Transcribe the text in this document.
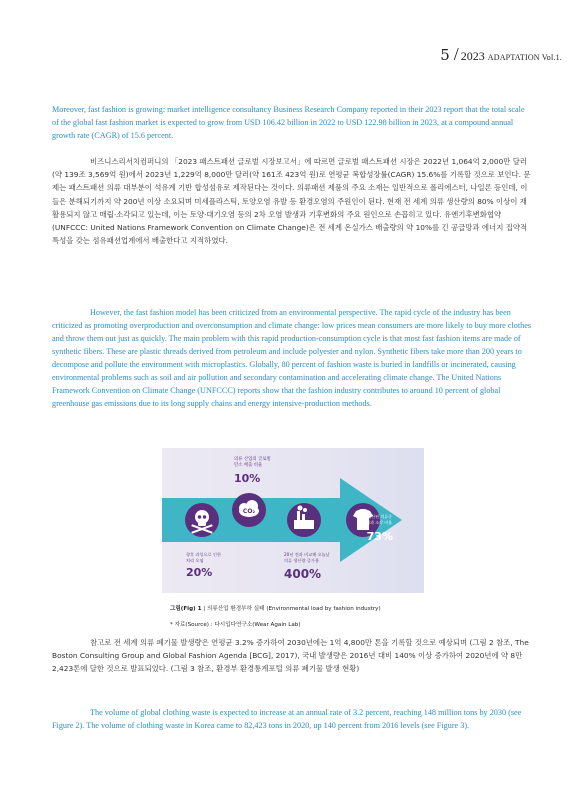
5 / 2023 ADAPTATION Vol.1.

Moreover, fast fashion is growing: market intelligence consultancy Business Research Company reported in their 2023 report that the total scale of the global fast fashion market is expected to grow from USD 106.42 billion in 2022 to USD 122.98 billion in 2023, at a compound annual growth rate (CAGR) of 15.6 percent.

비즈니스리서치컴퍼니의 「2023 패스트패션 글로벌 시장보고서」에 따르면 글로벌 패스트패션 시장은 2022년 1,064억 2,000만 달러(약 139조 3,569억 원)에서 2023년 1,229억 8,000만 달러(약 161조 423억 원)로 연평균 복합성장률(CAGR) 15.6%를 기록할 것으로 보인다. 문제는 패스트패션 의류 대부분이 석유계 기반 합성섬유로 제작된다는 것이다. 의류패션 제품의 주요 소재는 일반적으로 폴리에스터, 나일론 등인데, 이들은 분해되기까지 약 200년 이상 소요되며 미세플라스틱, 토양오염 유발 등 환경오염의 주원인이 된다. 현재 전 세계 의류 생산량의 80% 이상이 재활용되지 않고 매립·소각되고 있는데, 이는 토양·대기오염 등의 2차 오염 발생과 기후변화의 주요 원인으로 손꼽히고 있다. 유엔기후변화협약(UNFCCC: United Nations Framework Convention on Climate Change)은 전 세계 온실가스 배출량의 약 10%를 긴 공급망과 에너지 집약적 특성을 갖는 섬유패션업계에서 배출한다고 지적하였다.

However, the fast fashion model has been criticized from an environmental perspective. The rapid cycle of the industry has been criticized as promoting overproduction and overconsumption and climate change: low prices mean consumers are more likely to buy more clothes and throw them out just as quickly. The main problem with this rapid production-consumption cycle is that most fast fashion items are made of synthetic fibers. These are plastic threads derived from petroleum and include polyester and nylon. Synthetic fibers take more than 200 years to decompose and pollute the environment with microplastics. Globally, 80 percent of fashion waste is buried in landfills or incinerated, causing environmental problems such as soil and air pollution and secondary contamination and accelerating climate change. The United Nations Framework Convention on Climate Change (UNFCCC) reports show that the fashion industry contributes to around 10 percent of global greenhouse gas emissions due to its long supply chains and energy intensive-production methods.

CO₂
의류 산업의 글로벌
탄소 배출 비율
10%
향후 과잉으로 인한
처리 오염
20%
20년 전과 비교해 오늘날
의류 생산량 증가율
400%
생산된 의류중
매립과 소각 비율
73%
그림(Fig) 1 | 의류산업 환경부하 실태 (Environmental load by fashion industry)
* 자료(Source) : 다시입다연구소(Wear Again Lab)

참고로 전 세계 의류 폐기물 발생량은 연평균 3.2% 증가하여 2030년에는 1억 4,800만 톤을 기록할 것으로 예상되며 (그림 2 참조, The Boston Consulting Group and Global Fashion Agenda [BCG], 2017), 국내 발생량은 2016년 대비 140% 이상 증가하여 2020년에 약 8만 2,423톤에 달한 것으로 발표되었다. (그림 3 참조, 환경부 환경통계포털 의류 폐기물 발생 현황)

The volume of global clothing waste is expected to increase at an annual rate of 3.2 percent, reaching 148 million tons by 2030 (see Figure 2). The volume of clothing waste in Korea came to 82,423 tons in 2020, up 140 percent from 2016 levels (see Figure 3).
